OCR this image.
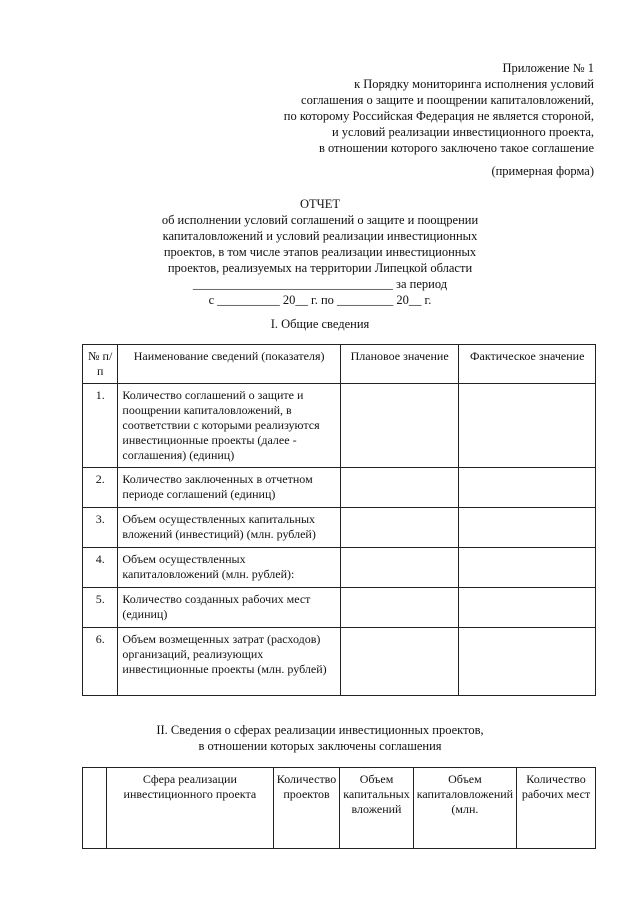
Приложение № 1
к Порядку мониторинга исполнения условий
соглашения о защите и поощрении капиталовложений,
по которому Российская Федерация не является стороной,
и условий реализации инвестиционного проекта,
в отношении которого заключено такое соглашение
(примерная форма)
ОТЧЕТ
об исполнении условий соглашений о защите и поощрении
капиталовложений и условий реализации инвестиционных
проектов, в том числе этапов реализации инвестиционных
проектов, реализуемых на территории Липецкой области
________________________________ за период
с __________ 20__ г. по _________ 20__ г.
I. Общие сведения
№ п/п	Наименование сведений (показателя)	Плановое значение	Фактическое значение
1.	Количество соглашений о защите и поощрении капиталовложений, в соответствии с которыми реализуются инвестиционные проекты (далее - соглашения) (единиц)		
2.	Количество заключенных в отчетном периоде соглашений (единиц)		
3.	Объем осуществленных капитальных вложений (инвестиций) (млн. рублей)		
4.	Объем осуществленных капиталовложений (млн. рублей):		
5.	Количество созданных рабочих мест (единиц)		
6.	Объем возмещенных затрат (расходов) организаций, реализующих инвестиционные проекты (млн. рублей)		
II. Сведения о сферах реализации инвестиционных проектов,
в отношении которых заключены соглашения
	Сфера реализации инвестиционного проекта	Количество проектов	Объем капитальных вложений	Объем капиталовложений (млн.	Количество рабочих мест
